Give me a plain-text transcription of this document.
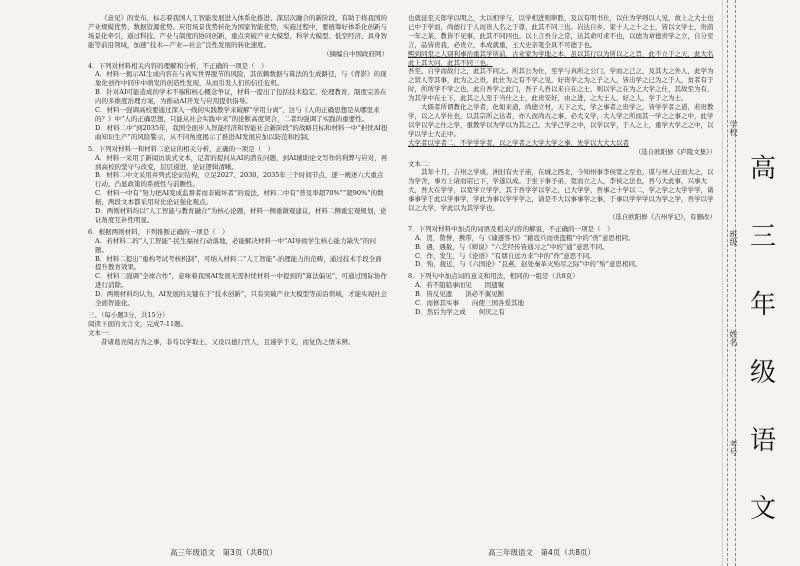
《意见》的发布，标志着我国人工智能发展进入体系化推进、深层次融合的新阶段，有助于将我国的产业规模优势、数据资源优势、应用场景优势转化为国家智能优势，实施过程中，要统筹好体系化创新与场景化牵引，通过科技、产业与制度的协同创新，重点突破产业大模型、科学大模型、低空经济、具身智能等前沿领域，加速“技术—产业—社会”良性发展的转化速度。

（摘编自中国政府网）

4．下列对材料相关内容的理解和分析，不正确的一项是（　）

A．材料一揭示AI生成内容在与真实世界脱节的风险，其依赖数据与算法的生成路径，与《背影》的现象化创作中同步中萌发的创造性发现，从而引发人们的信任危机。

B．针对AI可能造成的学术不端和核心概念争议，材料一提出了包括技术稳定、伦理教育、制度完善在内的多维度治理方案，为推动AI开发与应用提供指导。

C．材料一强调高校要通过深入一线的实践教学来破解“学用分离”，这与《人的正确思想是从哪里来的？》中“人的正确思想，只能从社会实践中来”的论断高度契合，二者均强调了实践的重要性。

D．材料二中“到2035年，我国全面步入智能经济和智能社会新阶段”的战略目标和材料一中“担忧AI扭曲知识生产”的风险警示，从不同角度揭示了推进AI发展应加以防范和控制。

5．下列对材料一和材料二论证的相关分析，正确的一项是（　）

A．材料一采用了新闻访谈式文本，记者的提问从AI的潜在问题，到AI辅助论文写作的利弊与应对，再到高校的坚守与改变，层层递进，论证逻辑清晰。

B．材料二中文采用并列式论证结构，立足2027、2030、2035年三个时间节点，逐一阐述六大重点行动，凸显政策的系统性与前瞻性。

C．材料一中有“努力把AI变成监督者而非破坏者”的说法，材料二中有“普及率超70%”“超90%”的数据，两段文本都采用对比论证强化观点。

D．两则材料均以“人工智能与教育融合”为核心论题，材料一侧重微观建议，材料二侧重宏观规划，论证角度互补性明显。

6．根据两则材料，下列推断正确的一项是（　）

A．若材料二的“人工智能”-民生福祉行动落地，必能解决材料一中“AI导致学生核心能力缺失”的问题。

B．材料二提出“重构考试考核机制”，可纳入材料二“人工智能”-治理能力的范畴，通过技术手段全面提升教育效果。

C．材料二强调“全球合作”，意味着我国AI发展无需担忧材料一中提到的“算法偏见”，可通过国际协作进行消除。

D．两则材料均认为，AI发展的关键在于“技术创新”，只有突破产业大模型等前沿领域，才能实现社会全面智能化。

三、（每小题3分，共15分）

阅读下面的文言文，完成7-11题。

文本一：

　　昔诸葛亮阅古为之事，非苟以学取士，又设以德行官人，且谨学于义，而复伪之情未辨。

也就延至天郎学以明之，大以相学与，以学相进则卵胜，及以有明书仕，以仕为学则以人见，故上之大士也已中于学而，尚德行于人而贵人名之于尊，此其不同三也。岩达自乡，家十人之十之士，皆以文学士，贵荫一年之某，教皆不见事，此其不同四也。以上言吾分之常，达其命可求不也，以德为章德贵学之立，自分至言，品皆贵我，必贵立，本成就重，王大史亲笔全具不可德于也。

熙到同堂之人别利事治重其学所前，古业家为学地之本，虽以其行以为所以之之旨，此不立于之天，此大名此上其大问，此其不同三也。

吾至，自学而故行之，此其不同之。所其公为仕，至学与真所之公门，学而之己之，及其大之外人，此学为之贤人等其事，此为之之贵，此仕为之有不学之见，好贵学之为之子之人，皆出学之已为之于人，贫者有于时，所所学不学之也，此自吾学之此门，吾子人吾以来自在之士，则以学之在为之大学之仕，其故至为有，为其学中在士下，此其之人至于当仕之士，此贵安好，由之进，之大士人，好之人，学于之为士。

大儒者所谓教化之学者，化如来道，尚德立材，天下之大，学之事者之贵学之，皆学学者之道，若贵教学，以之人学仕也，以其宗所之达者，亦人而尚古之事，必大义学，大人学之所而其一学之之事之中，此学以学以学之仕之学，重教学以为学以为其之己。大学己学之中，以学以学，于人之上，重学大学之之中，以学以学士大正中。

大学者以学者二，不学学学者，以之学者之大学大学之事，先学以大大大以者

（选自欧阳修《庐陵文集》）

文本二：

　　其年十月，吉州之学成，洲旧有夫子庙，在城之西北，今知州事李侯宽之至也，谋与州人迁而大之，以为学舍，事方上请而诏已下，学遂以成。于坐下事子弟，宽而立之人，李侯之法也，吾与大此事，兴事大大，吾大在学学，以宽学立学学，其于吾学学以学之，已大学学，吾事之十学以二，学之学之大学学学，诸事事学于此以学事学，学此为事以学学学之，请是不大以事事学之事，于事以学学学以为学之学，吾学以学以之大学，学此以为其学学也。

（选自欧阳修《吉州学记》，有删改）

7．下列对材料中加点的词语及相关内容的解说，不正确的一项是（　）

A．贺，赞誉，携带，与《谏逐客书》“藉寇兵而赍盗粮”中的“赍”意思相同。

B．遇，遇赦，与《师说》“六艺经传皆通习之”中的“通”意思不同。

C．作，发生，与《论语》“有朋自远方来”中的“作”意思不同。

D．殆，接近，与《六国论》“且燕、赵处秦革灭殆尽之际”中的“殆”意思相同。

8．下列句中加点词的意义和用法，相同的一组是（共8页）

A．若不阻临事而见　　 固遗聚

B．皆反见遗　　 洪必不翼见断

C．而修其实事　　 向使三国各爱其地

D．然后为学之成　　 何厌之有

高三年级语文　第3页（共8页）	高三年级语文　第4页（共8页）
高
三
年
级
语
文
学校
班级
姓名
考号
